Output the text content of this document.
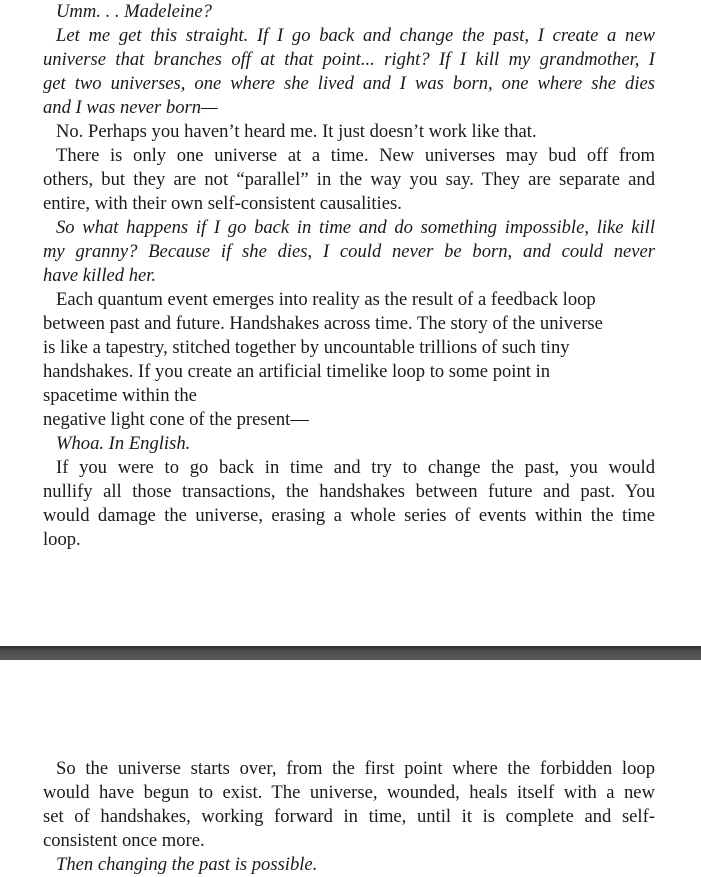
Umm. . . Madeleine?
Let me get this straight. If I go back and change the past, I create a new
universe that branches off at that point... right? If I kill my grandmother, I
get two universes, one where she lived and I was born, one where she dies
and I was never born—
No. Perhaps you haven’t heard me. It just doesn’t work like that.
There is only one universe at a time. New universes may bud off from
others, but they are not “parallel” in the way you say. They are separate and
entire, with their own self-consistent causalities.
So what happens if I go back in time and do something impossible, like kill
my granny? Because if she dies, I could never be born, and could never
have killed her.
Each quantum event emerges into reality as the result of a feedback loop
between past and future. Handshakes across time. The story of the universe
is like a tapestry, stitched together by uncountable trillions of such tiny
handshakes. If you create an artificial timelike loop to some point in
spacetime within the
negative light cone of the present—
Whoa. In English.
If you were to go back in time and try to change the past, you would
nullify all those transactions, the handshakes between future and past. You
would damage the universe, erasing a whole series of events within the time
loop.
So the universe starts over, from the first point where the forbidden loop
would have begun to exist. The universe, wounded, heals itself with a new
set of handshakes, working forward in time, until it is complete and self-
consistent once more.
Then changing the past is possible.
